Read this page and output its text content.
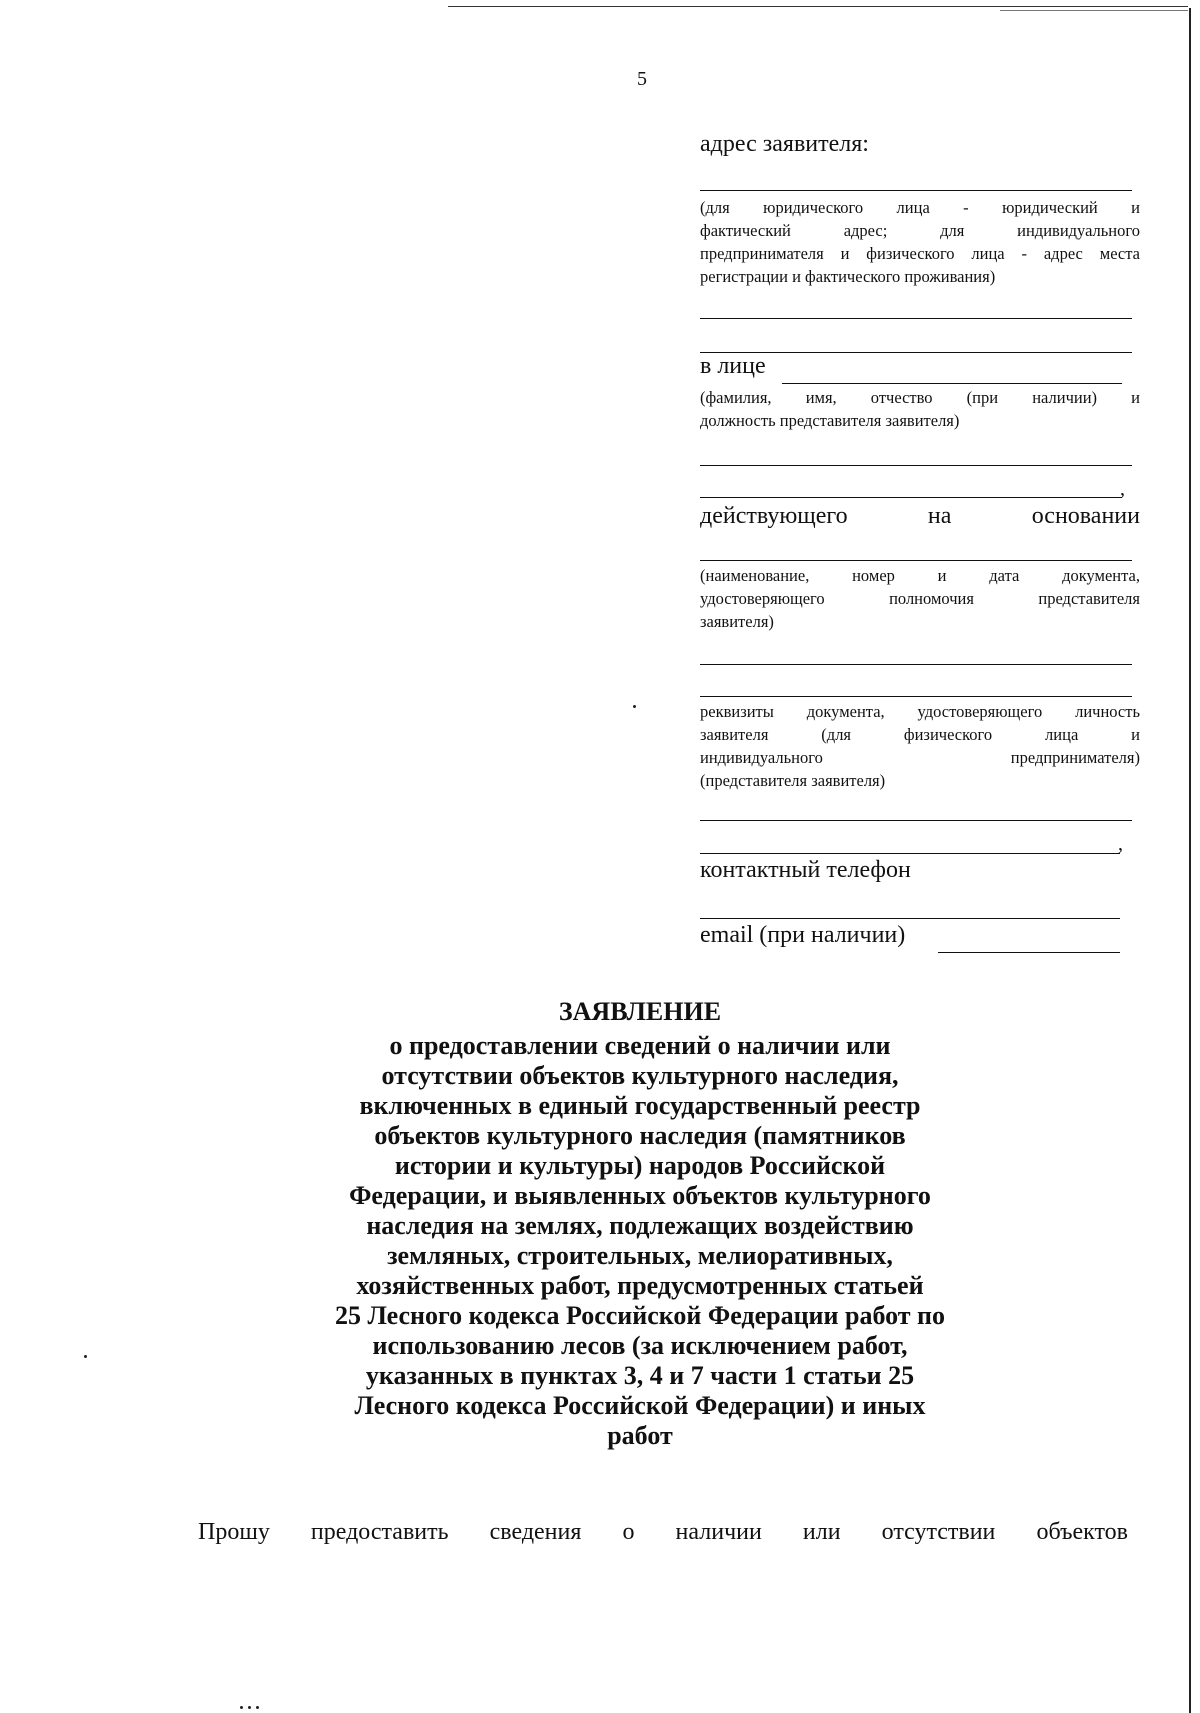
5
адрес заявителя:
(для юридического лица - юридический и
фактический адрес; для индивидуального
предпринимателя и физического лица - адрес места
регистрации и фактического проживания)
в лице
(фамилия, имя, отчество (при наличии) и
должность представителя заявителя)
,
действующего на основании
(наименование, номер и дата документа,
удостоверяющего полномочия представителя
заявителя)
реквизиты документа, удостоверяющего личность
заявителя (для физического лица и
индивидуального предпринимателя)
(представителя заявителя)
,
контактный телефон
email (при наличии)
ЗАЯВЛЕНИЕ
о предоставлении сведений о наличии или
отсутствии объектов культурного наследия,
включенных в единый государственный реестр
объектов культурного наследия (памятников
истории и культуры) народов Российской
Федерации, и выявленных объектов культурного
наследия на землях, подлежащих воздействию
земляных, строительных, мелиоративных,
хозяйственных работ, предусмотренных статьей
25 Лесного кодекса Российской Федерации работ по
использованию лесов (за исключением работ,
указанных в пунктах 3, 4 и 7 части 1 статьи 25
Лесного кодекса Российской Федерации) и иных
работ
Прошу предоставить сведения о наличии или отсутствии объектов
